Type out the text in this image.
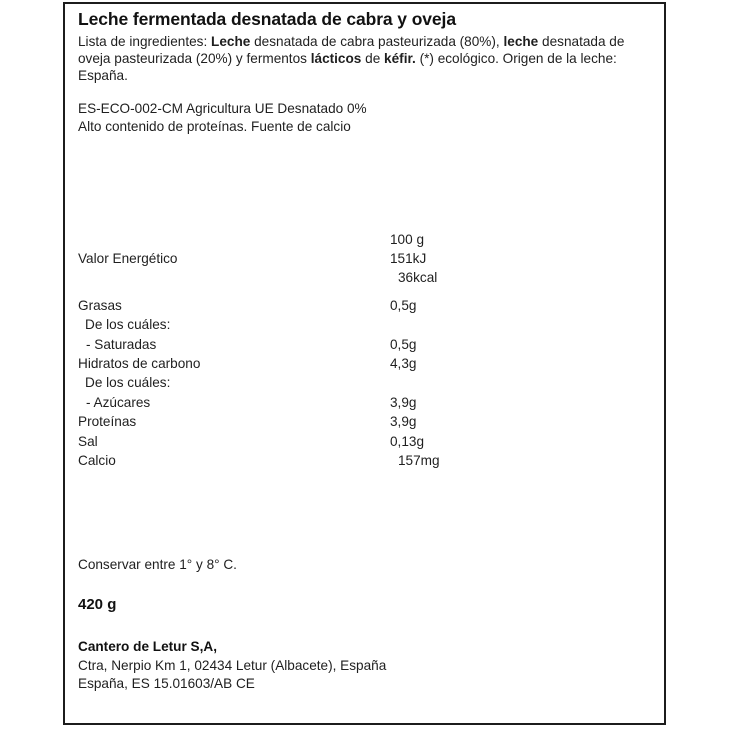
Leche fermentada desnatada de cabra y oveja

Lista de ingredientes: Leche desnatada de cabra pasteurizada (80%), leche desnatada de oveja pasteurizada (20%) y fermentos lácticos de kéfir. (*) ecológico. Origen de la leche: España.

ES-ECO-002-CM Agricultura UE Desnatado 0%
Alto contenido de proteínas. Fuente de calcio
100 g
Valor Energético	151kJ
36kcal
Grasas	0,5g
De los cuáles:
- Saturadas	0,5g
Hidratos de carbono	4,3g
De los cuáles:
- Azúcares	3,9g
Proteínas	3,9g
Sal	0,13g
Calcio	157mg
Conservar entre 1° y 8° C.
420 g
Cantero de Letur S,A,
Ctra, Nerpio Km 1, 02434 Letur (Albacete), España
España, ES 15.01603/AB CE
